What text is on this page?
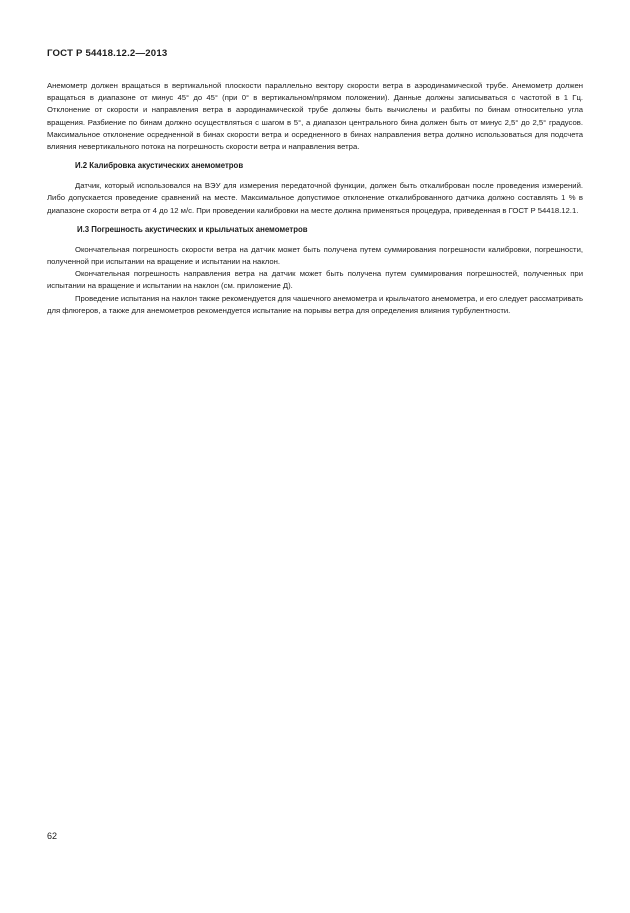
ГОСТ Р 54418.12.2—2013

Анемометр должен вращаться в вертикальной плоскости параллельно вектору скорости ветра в аэродинамической трубе. Анемометр должен вращаться в диапазоне от минус 45° до 45° (при 0° в вертикальном/прямом положении). Данные должны записываться с частотой в 1 Гц. Отклонение от скорости и направления ветра в аэродинамической трубе должны быть вычислены и разбиты по бинам относительно угла вращения. Разбиение по бинам должно осуществляться с шагом в 5°, а диапазон центрального бина должен быть от минус 2,5° до 2,5° градусов. Максимальное отклонение осредненной в бинах скорости ветра и осредненного в бинах направления ветра должно использоваться для подсчета влияния невертикального потока на погрешность скорости ветра и направления ветра.

И.2 Калибровка акустических анемометров

Датчик, который использовался на ВЭУ для измерения передаточной функции, должен быть откалиброван после проведения измерений. Либо допускается проведение сравнений на месте. Максимальное допустимое отклонение откалиброванного датчика должно составлять 1 % в диапазоне скорости ветра от 4 до 12 м/с. При проведении калибровки на месте должна применяться процедура, приведенная в ГОСТ Р 54418.12.1.

И.3 Погрешность акустических и крыльчатых анемометров

Окончательная погрешность скорости ветра на датчик может быть получена путем суммирования погрешности калибровки, погрешности, полученной при испытании на вращение и испытании на наклон.

Окончательная погрешность направления ветра на датчик может быть получена путем суммирования погрешностей, полученных при испытании на вращение и испытании на наклон (см. приложение Д).

Проведение испытания на наклон также рекомендуется для чашечного анемометра и крыльчатого анемометра, и его следует рассматривать для флюгеров, а также для анемометров рекомендуется испытание на порывы ветра для определения влияния турбулентности.

62
